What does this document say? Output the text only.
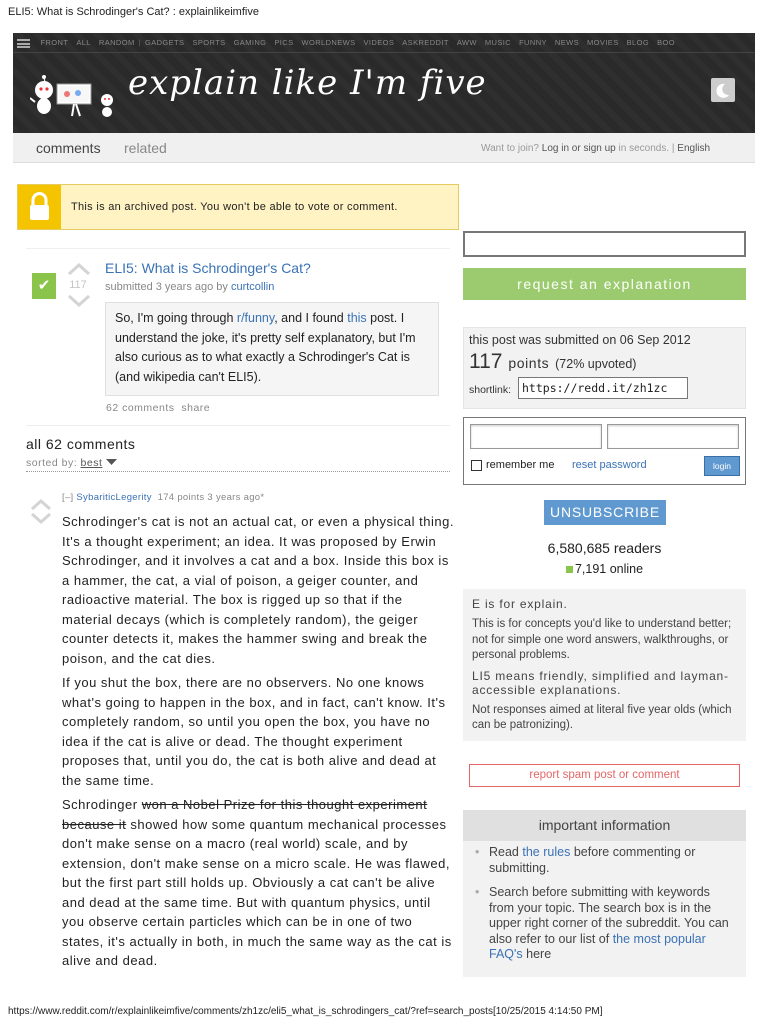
ELI5: What is Schrodinger's Cat? : explainlikeimfive
FRONT ALL RANDOM | GADGETS SPORTS GAMING PICS WORLDNEWS VIDEOS ASKREDDIT AWW MUSIC FUNNY NEWS MOVIES BLOG BOO
explain like I'm five
comments related	Want to join? Log in or sign up in seconds. | English
This is an archived post. You won't be able to vote or comment.
✔	117
ELI5: What is Schrodinger's Cat?
submitted 3 years ago by curtcollin
So, I'm going through r/funny, and I found this post. I understand the joke, it's pretty self explanatory, but I'm also curious as to what exactly a Schrodinger's Cat is (and wikipedia can't ELI5).
62 comments share
all 62 comments
sorted by: best
[–] SybariticLegerity 174 points 3 years ago*

Schrodinger's cat is not an actual cat, or even a physical thing. It's a thought experiment; an idea. It was proposed by Erwin Schrodinger, and it involves a cat and a box. Inside this box is a hammer, the cat, a vial of poison, a geiger counter, and radioactive material. The box is rigged up so that if the material decays (which is completely random), the geiger counter detects it, makes the hammer swing and break the poison, and the cat dies.

If you shut the box, there are no observers. No one knows what's going to happen in the box, and in fact, can't know. It's completely random, so until you open the box, you have no idea if the cat is alive or dead. The thought experiment proposes that, until you do, the cat is both alive and dead at the same time.

Schrodinger won a Nobel Prize for this thought experiment because it showed how some quantum mechanical processes don't make sense on a macro (real world) scale, and by extension, don't make sense on a micro scale. He was flawed, but the first part still holds up. Obviously a cat can't be alive and dead at the same time. But with quantum physics, until you observe certain particles which can be in one of two states, it's actually in both, in much the same way as the cat is alive and dead.

request an explanation
this post was submitted on 06 Sep 2012
117 points (72% upvoted)
shortlink: https://redd.it/zh1zc
remember me reset password	login
UNSUBSCRIBE
6,580,685 readers
7,191 online
E is for explain.
This is for concepts you'd like to understand better; not for simple one word answers, walkthroughs, or personal problems.
LI5 means friendly, simplified and layman-accessible explanations.
Not responses aimed at literal five year olds (which can be patronizing).
report spam post or comment
important information
• Read the rules before commenting or submitting.
• Search before submitting with keywords from your topic. The search box is in the upper right corner of the subreddit. You can also refer to our list of the most popular FAQ's here
https://www.reddit.com/r/explainlikeimfive/comments/zh1zc/eli5_what_is_schrodingers_cat/?ref=search_posts[10/25/2015 4:14:50 PM]
